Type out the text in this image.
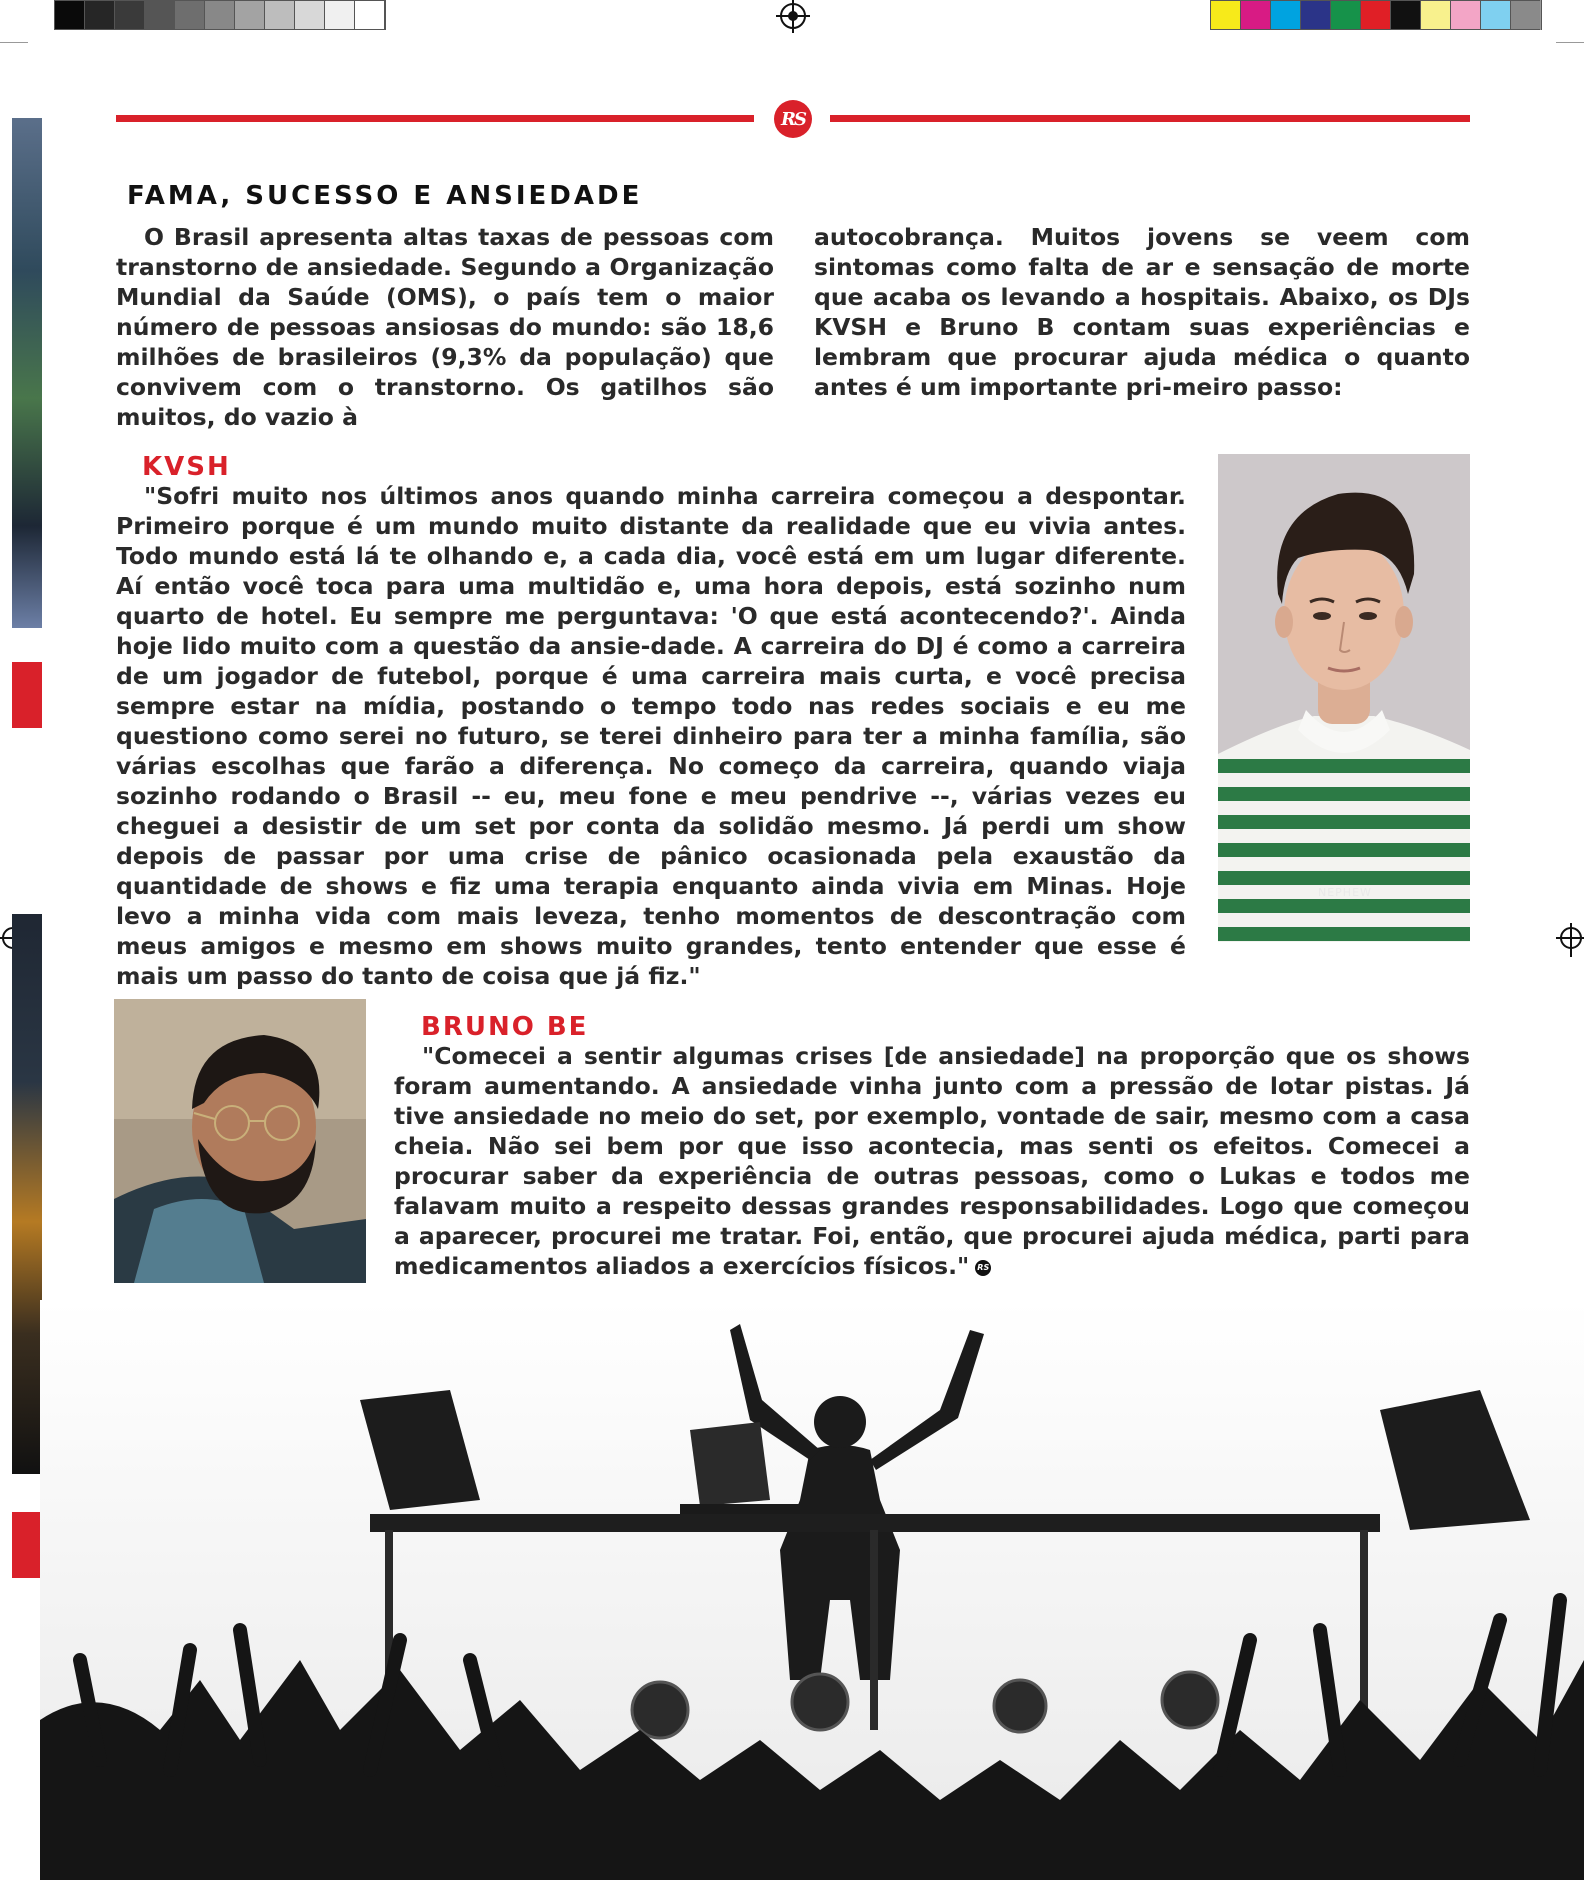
RS
FAMA, SUCESSO E ANSIEDADE

O Brasil apresenta altas taxas de pessoas com transtorno de ansiedade. Segundo a Organização Mundial da Saúde (OMS), o país tem o maior número de pessoas ansiosas do mundo: são 18,6 milhões de brasileiros (9,3% da população) que convivem com o transtorno. Os gatilhos são muitos, do vazio à

autocobrança. Muitos jovens se veem com sintomas como falta de ar e sensação de morte que acaba os levando a hospitais. Abaixo, os DJs KVSH e Bruno B contam suas experiências e lembram que procurar ajuda médica o quanto antes é um importante pri-meiro passo:

KVSH

"Sofri muito nos últimos anos quando minha carreira começou a despontar. Primeiro porque é um mundo muito distante da realidade que eu vivia antes. Todo mundo está lá te olhando e, a cada dia, você está em um lugar diferente. Aí então você toca para uma multidão e, uma hora depois, está sozinho num quarto de hotel. Eu sempre me perguntava: 'O que está acontecendo?'. Ainda hoje lido muito com a questão da ansie-dade. A carreira do DJ é como a carreira de um jogador de futebol, porque é uma carreira mais curta, e você precisa sempre estar na mídia, postando o tempo todo nas redes sociais e eu me questiono como serei no futuro, se terei dinheiro para ter a minha família, são várias escolhas que farão a diferença. No começo da carreira, quando viaja sozinho rodando o Brasil -- eu, meu fone e meu pendrive --, várias vezes eu cheguei a desistir de um set por conta da solidão mesmo. Já perdi um show depois de passar por uma crise de pânico ocasionada pela exaustão da quantidade de shows e fiz uma terapia enquanto ainda vivia em Minas. Hoje levo a minha vida com mais leveza, tenho momentos de descontração com meus amigos e mesmo em shows muito grandes, tento entender que esse é mais um passo do tanto de coisa que já fiz."

NEPHEW
BRUNO BE

"Comecei a sentir algumas crises [de ansiedade] na proporção que os shows foram aumentando. A ansiedade vinha junto com a pressão de lotar pistas. Já tive ansiedade no meio do set, por exemplo, vontade de sair, mesmo com a casa cheia. Não sei bem por que isso acontecia, mas senti os efeitos. Comecei a procurar saber da experiência de outras pessoas, como o Lukas e todos me falavam muito a respeito dessas grandes responsabilidades. Logo que começou a aparecer, procurei me tratar. Foi, então, que procurei ajuda médica, parti para medicamentos aliados a exercícios físicos." RS
